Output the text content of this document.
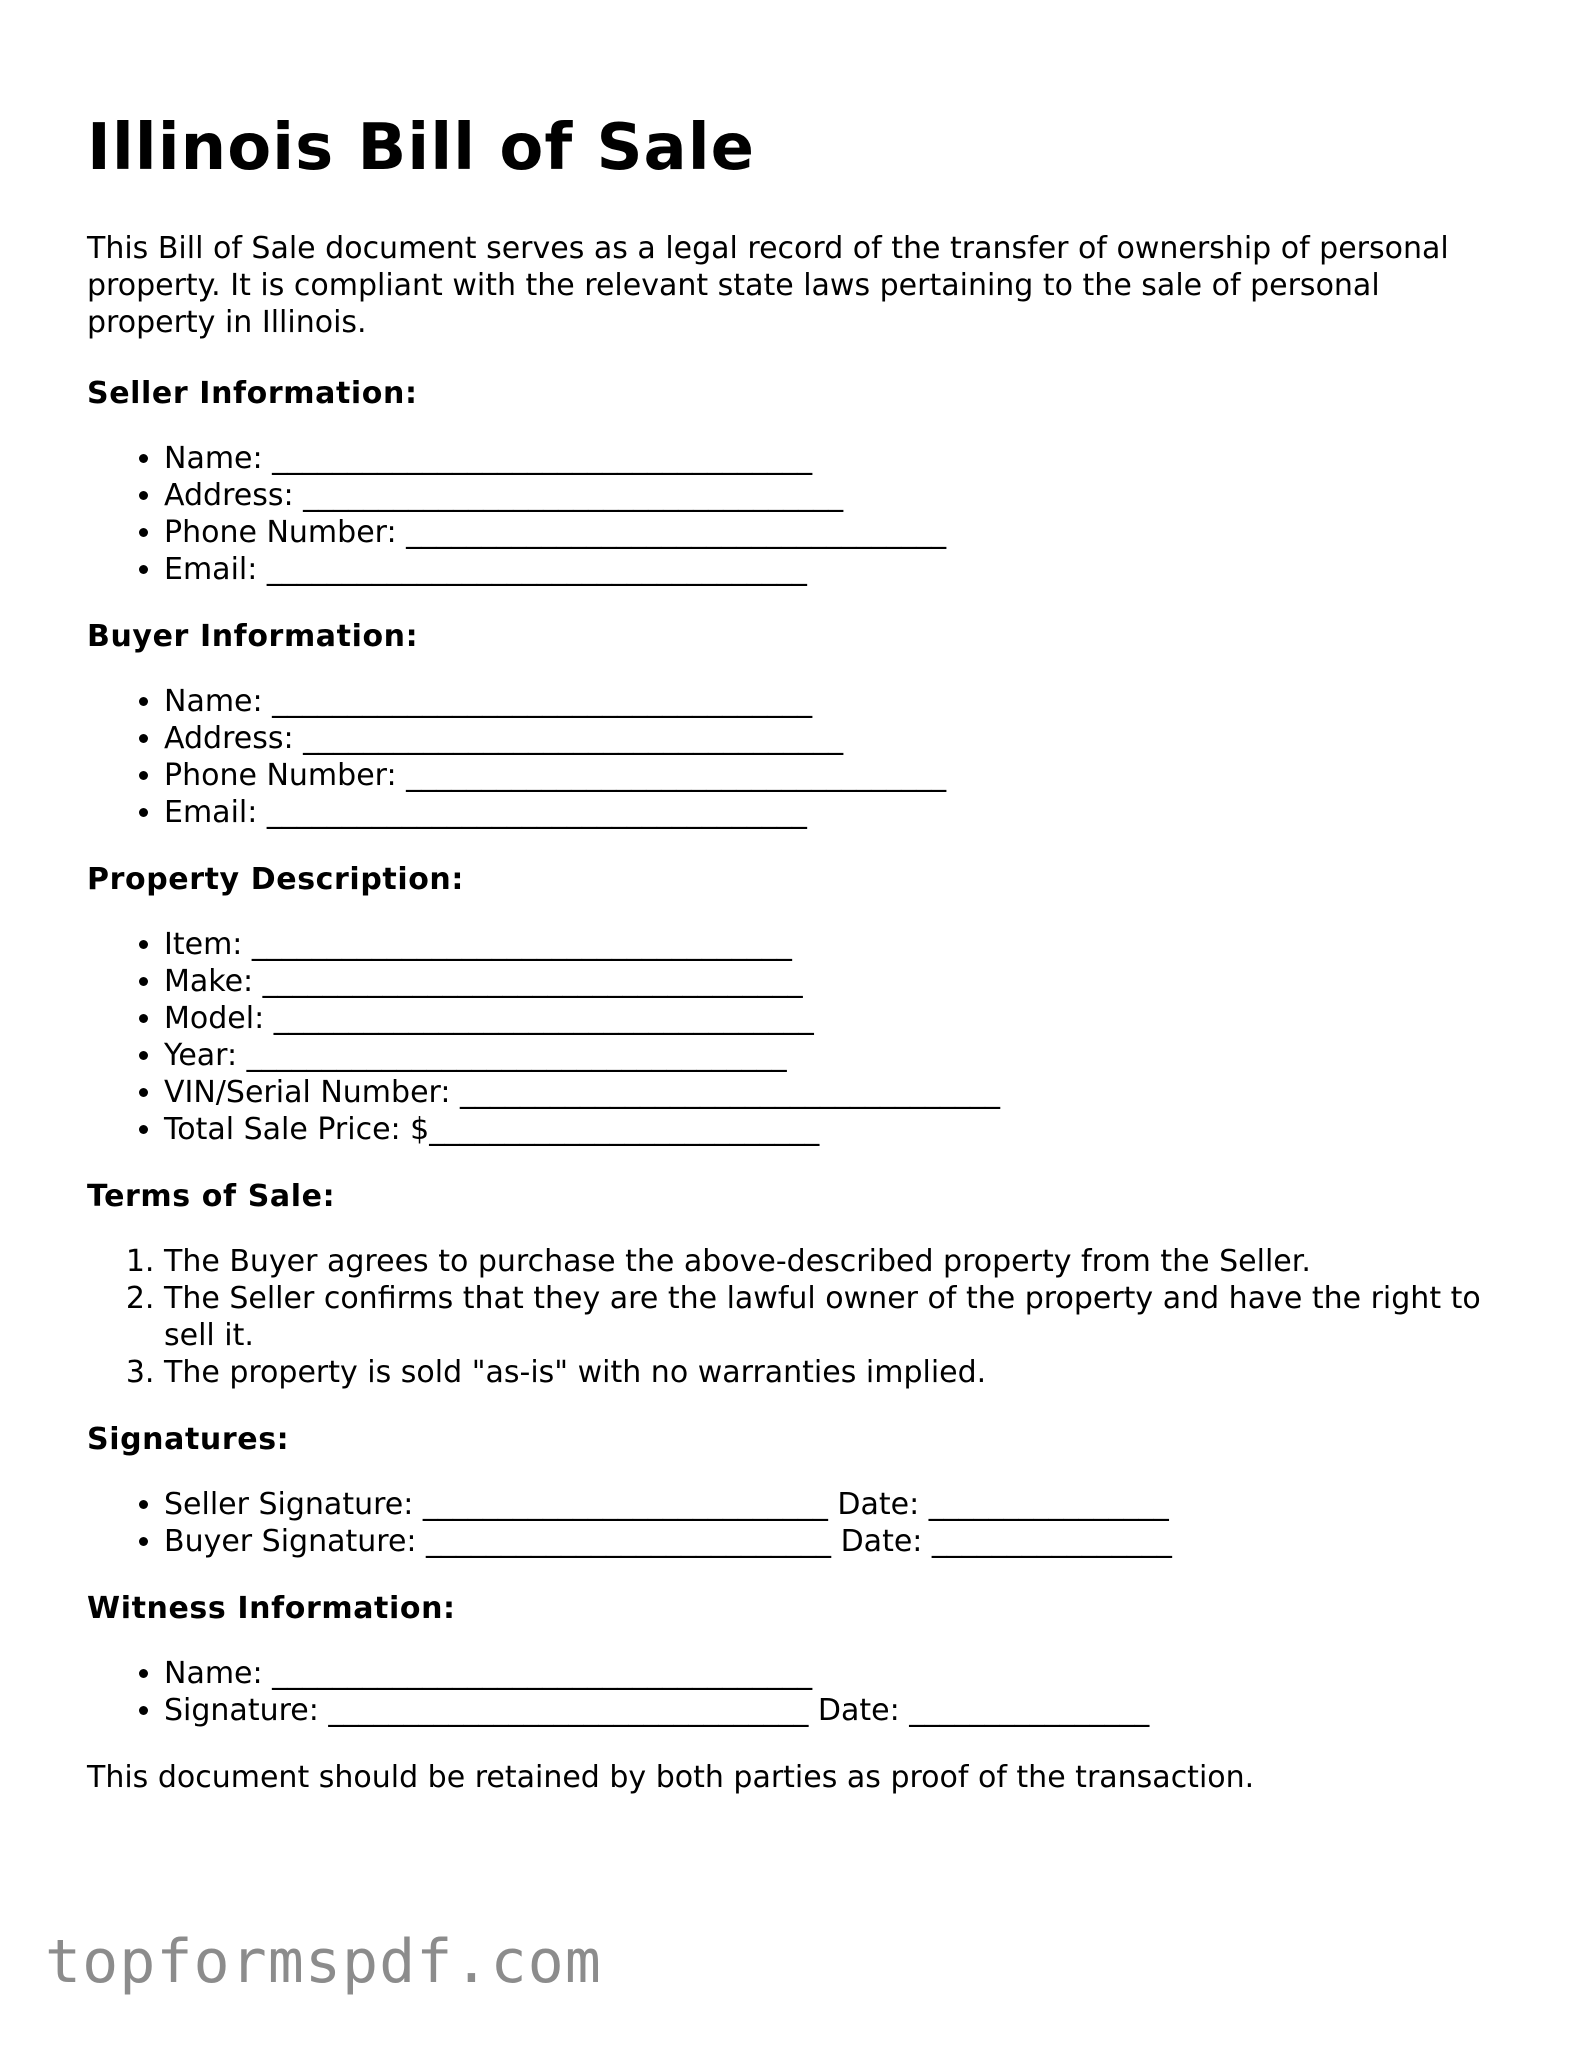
Illinois Bill of Sale

This Bill of Sale document serves as a legal record of the transfer of ownership of personal property. It is compliant with the relevant state laws pertaining to the sale of personal property in Illinois.

Seller Information:
• Name: ____________________________________
• Address: ____________________________________
• Phone Number: ____________________________________
• Email: ____________________________________
Buyer Information:
• Name: ____________________________________
• Address: ____________________________________
• Phone Number: ____________________________________
• Email: ____________________________________
Property Description:
• Item: ____________________________________
• Make: ____________________________________
• Model: ____________________________________
• Year: ____________________________________
• VIN/Serial Number: ____________________________________
• Total Sale Price: $__________________________
Terms of Sale:
1. The Buyer agrees to purchase the above-described property from the Seller.
2. The Seller confirms that they are the lawful owner of the property and have the right to sell it.
3. The property is sold "as-is" with no warranties implied.
Signatures:
• Seller Signature: ___________________________ Date: ________________
• Buyer Signature: ___________________________ Date: ________________
Witness Information:
• Name: ____________________________________
• Signature: ________________________________ Date: ________________

This document should be retained by both parties as proof of the transaction.

topformspdf.com
